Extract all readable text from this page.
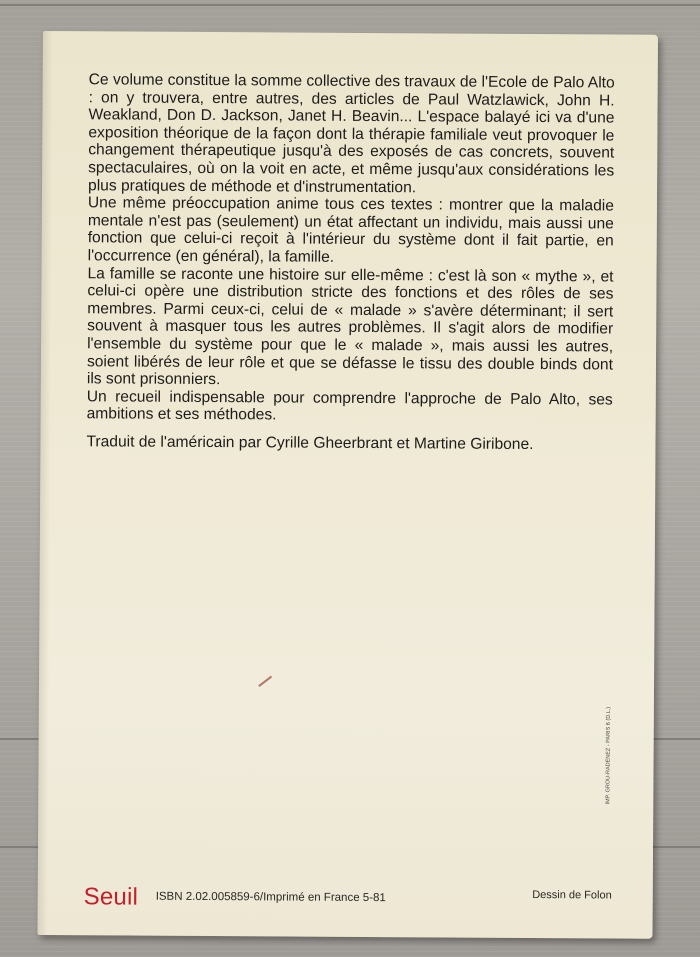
Ce volume constitue la somme collective des travaux de l'Ecole de Palo Alto : on y trouvera, entre autres, des articles de Paul Watzlawick, John H. Weakland, Don D. Jackson, Janet H. Beavin... L'espace balayé ici va d'une exposition théorique de la façon dont la thérapie familiale veut provoquer le changement thérapeutique jusqu'à des exposés de cas concrets, souvent spectaculaires, où on la voit en acte, et même jusqu'aux considérations les plus pratiques de méthode et d'instrumentation.

Une même préoccupation anime tous ces textes : montrer que la maladie mentale n'est pas (seulement) un état affectant un individu, mais aussi une fonction que celui-ci reçoit à l'intérieur du système dont il fait partie, en l'occurrence (en général), la famille.

La famille se raconte une histoire sur elle-même : c'est là son « mythe », et celui-ci opère une distribution stricte des fonctions et des rôles de ses membres. Parmi ceux-ci, celui de « malade » s'avère déterminant; il sert souvent à masquer tous les autres problèmes. Il s'agit alors de modifier l'ensemble du système pour que le « malade », mais aussi les autres, soient libérés de leur rôle et que se défasse le tissu des double binds dont ils sont prisonniers.

Un recueil indispensable pour comprendre l'approche de Palo Alto, ses ambitions et ses méthodes.

Traduit de l'américain par Cyrille Gheerbrant et Martine Giribone.

IMP. GROU-RADENEZ - PARIS 6 (D.L.)
Seuil ISBN 2.02.005859-6/Imprimé en France 5-81	Dessin de Folon
